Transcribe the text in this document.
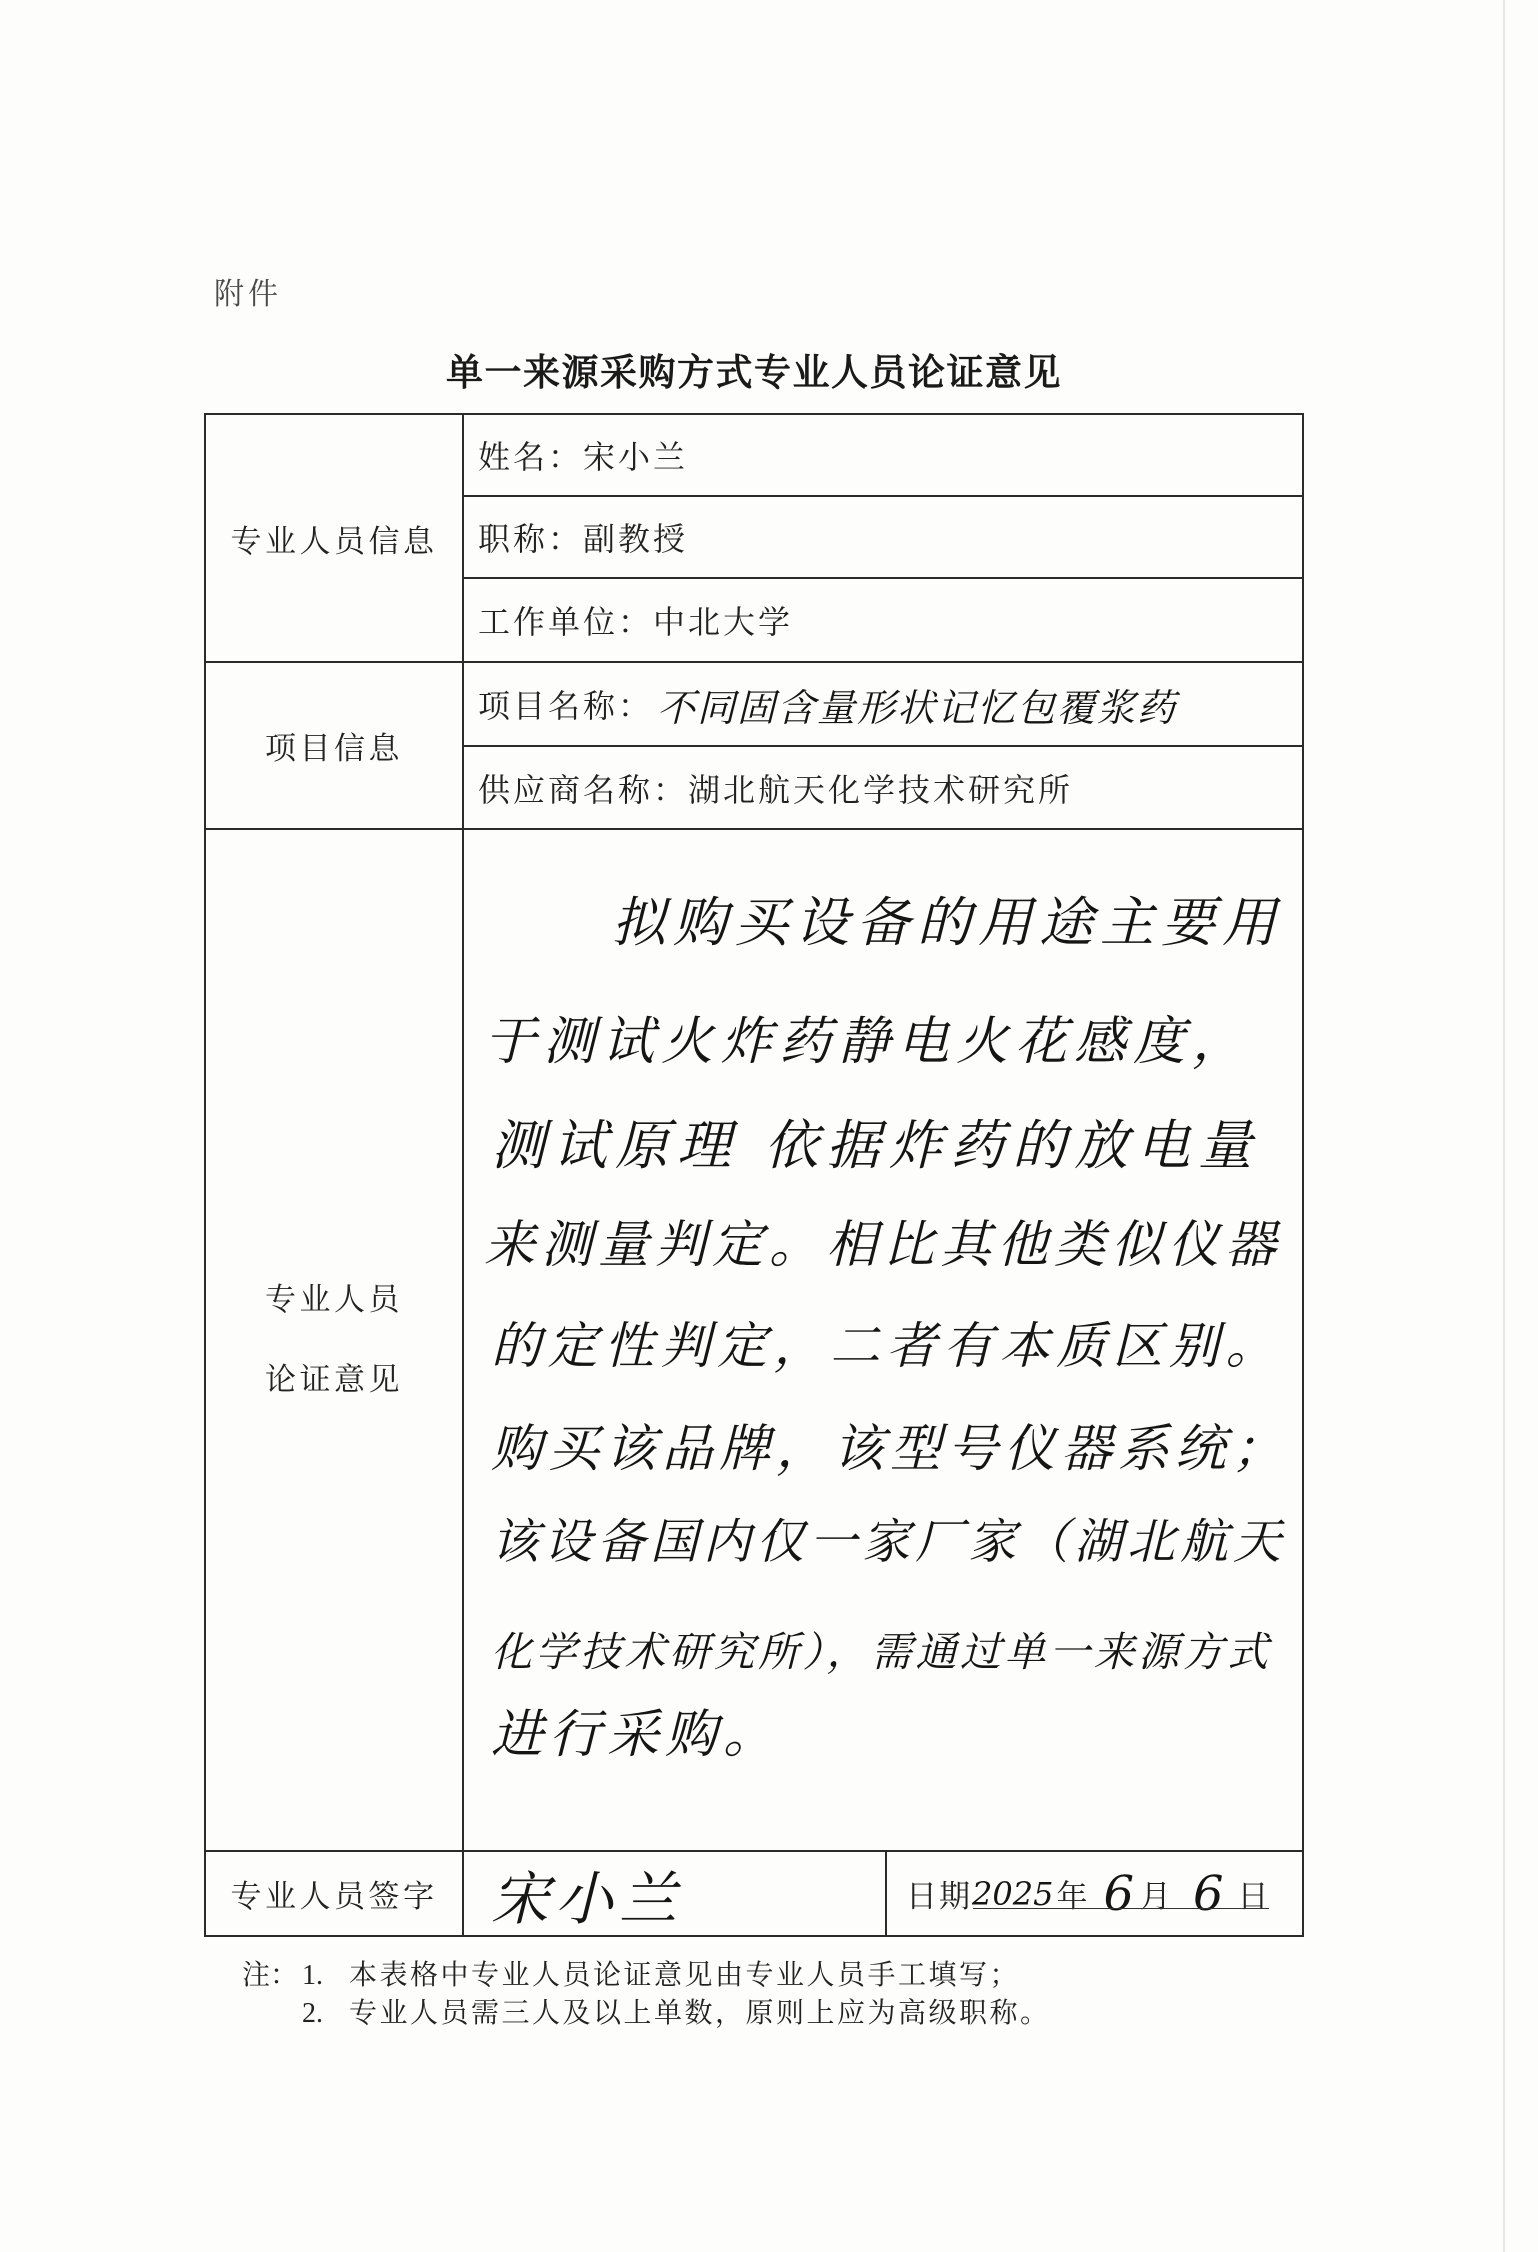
附件
单一来源采购方式专业人员论证意见
专业人员信息
项目信息
专业人员
论证意见
专业人员签字
姓名： 宋小兰
职称： 副教授
工作单位： 中北大学
项目名称： 不同固含量形状记忆包覆浆药
供应商名称： 湖北航天化学技术研究所
拟购买设备的用途主要用
于测试火炸药静电火花感度，
测试原理 依据炸药的放电量
来测量判定。相比其他类似仪器
的定性判定，二者有本质区别。
购买该品牌，该型号仪器系统；
该设备国内仅一家厂家（湖北航天
化学技术研究所），需通过单一来源方式
进行采购。
宋小兰	日期 2025 年 6 月 6 日
注： 1. 本表格中专业人员论证意见由专业人员手工填写；
2. 专业人员需三人及以上单数，原则上应为高级职称。
